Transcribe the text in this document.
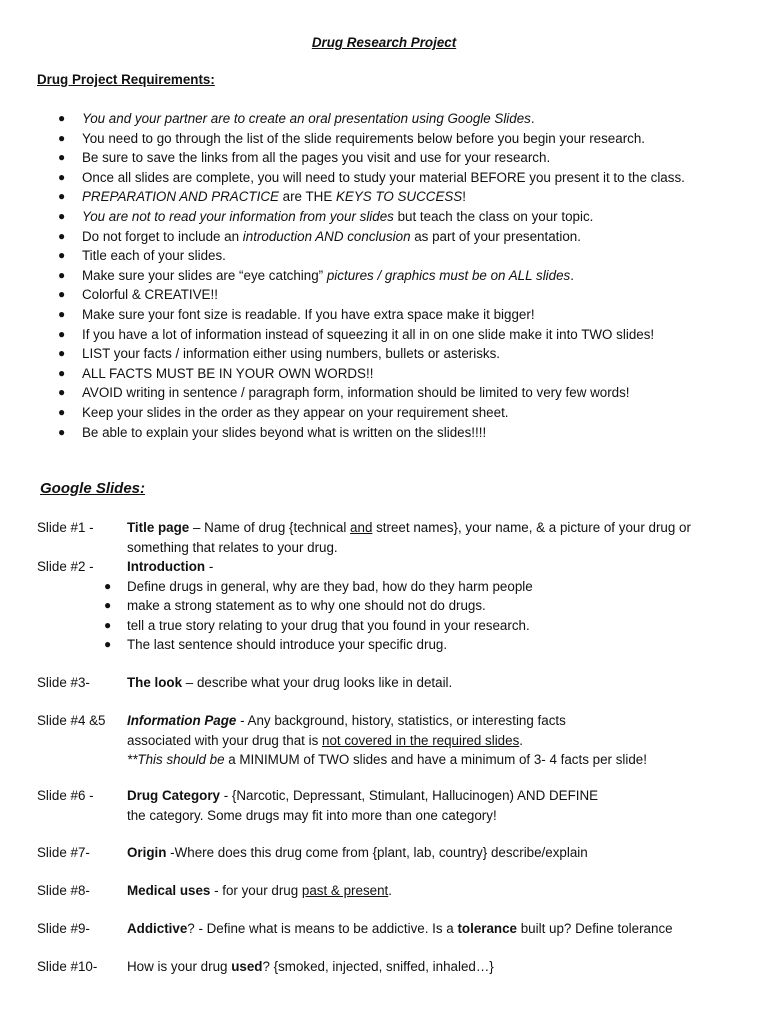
Drug Research Project
Drug Project Requirements:
● You and your partner are to create an oral presentation using Google Slides.
● You need to go through the list of the slide requirements below before you begin your research.
● Be sure to save the links from all the pages you visit and use for your research.
● Once all slides are complete, you will need to study your material BEFORE you present it to the class.
● PREPARATION AND PRACTICE are THE KEYS TO SUCCESS!
● You are not to read your information from your slides but teach the class on your topic.
● Do not forget to include an introduction AND conclusion as part of your presentation.
● Title each of your slides.
● Make sure your slides are “eye catching” pictures / graphics must be on ALL slides.
● Colorful & CREATIVE!!
● Make sure your font size is readable. If you have extra space make it bigger!
● If you have a lot of information instead of squeezing it all in on one slide make it into TWO slides!
● LIST your facts / information either using numbers, bullets or asterisks.
● ALL FACTS MUST BE IN YOUR OWN WORDS!!
● AVOID writing in sentence / paragraph form, information should be limited to very few words!
● Keep your slides in the order as they appear on your requirement sheet.
● Be able to explain your slides beyond what is written on the slides!!!!
Google Slides:
Slide #1 - Title page – Name of drug {technical and street names}, your name, & a picture of your drug or
something that relates to your drug.
Slide #2 - Introduction -
● Define drugs in general, why are they bad, how do they harm people
● make a strong statement as to why one should not do drugs.
● tell a true story relating to your drug that you found in your research.
● The last sentence should introduce your specific drug.
Slide #3-	The look – describe what your drug looks like in detail.
Slide #4 &5 Information Page - Any background, history, statistics, or interesting facts
associated with your drug that is not covered in the required slides.
**This should be a MINIMUM of TWO slides and have a minimum of 3- 4 facts per slide!
Slide #6 - Drug Category - {Narcotic, Depressant, Stimulant, Hallucinogen) AND DEFINE
the category. Some drugs may fit into more than one category!
Slide #7-	Origin -Where does this drug come from {plant, lab, country} describe/explain
Slide #8-	Medical uses - for your drug past & present.
Slide #9-	Addictive? - Define what is means to be addictive. Is a tolerance built up? Define tolerance
Slide #10- How is your drug used? {smoked, injected, sniffed, inhaled…}
